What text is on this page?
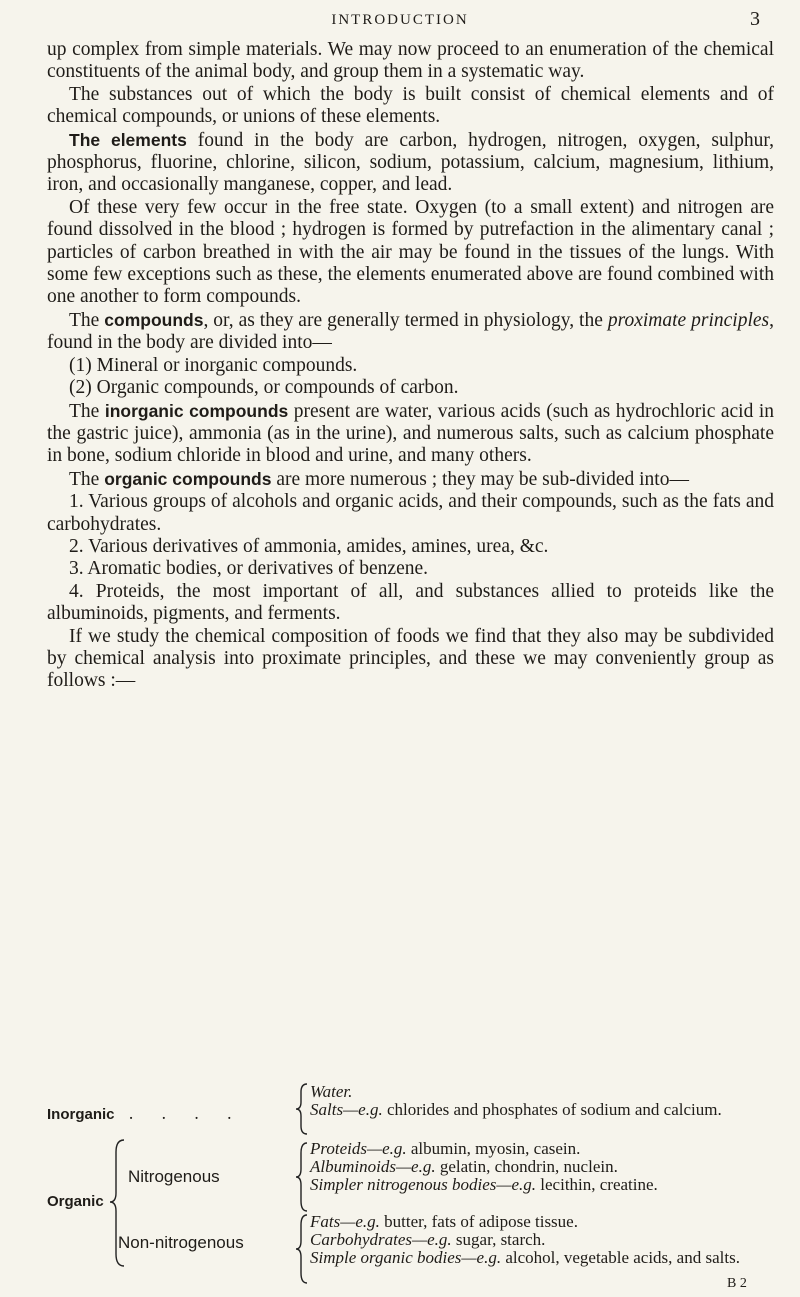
INTRODUCTION	3

up complex from simple materials. We may now proceed to an enumeration of the chemical constituents of the animal body, and group them in a systematic way.

The substances out of which the body is built consist of chemical elements and of chemical compounds, or unions of these elements.

The elements found in the body are carbon, hydrogen, nitrogen, oxygen, sulphur, phosphorus, fluorine, chlorine, silicon, sodium, potassium, calcium, magnesium, lithium, iron, and occasionally manganese, copper, and lead.

Of these very few occur in the free state. Oxygen (to a small extent) and nitrogen are found dissolved in the blood ; hydrogen is formed by putrefaction in the alimentary canal ; particles of carbon breathed in with the air may be found in the tissues of the lungs. With some few exceptions such as these, the elements enumerated above are found combined with one another to form compounds.

The compounds, or, as they are generally termed in physiology, the proximate principles, found in the body are divided into—

(1) Mineral or inorganic compounds.

(2) Organic compounds, or compounds of carbon.

The inorganic compounds present are water, various acids (such as hydrochloric acid in the gastric juice), ammonia (as in the urine), and numerous salts, such as calcium phosphate in bone, sodium chloride in blood and urine, and many others.

The organic compounds are more numerous ; they may be sub-divided into—

1. Various groups of alcohols and organic acids, and their compounds, such as the fats and carbohydrates.

2. Various derivatives of ammonia, amides, amines, urea, &c.

3. Aromatic bodies, or derivatives of benzene.

4. Proteids, the most important of all, and substances allied to proteids like the albuminoids, pigments, and ferments.

If we study the chemical composition of foods we find that they also may be subdivided by chemical analysis into proximate principles, and these we may conveniently group as follows :—

Inorganic . . . .
Water.
Salts—e.g. chlorides and phosphates of sodium and calcium.
Organic
Nitrogenous
Proteids—e.g. albumin, myosin, casein.
Albuminoids—e.g. gelatin, chondrin, nuclein.
Simpler nitrogenous bodies—e.g. lecithin, creatine.
Non-nitrogenous
Fats—e.g. butter, fats of adipose tissue.
Carbohydrates—e.g. sugar, starch.
Simple organic bodies—e.g. alcohol, vegetable acids, and salts.
B 2
